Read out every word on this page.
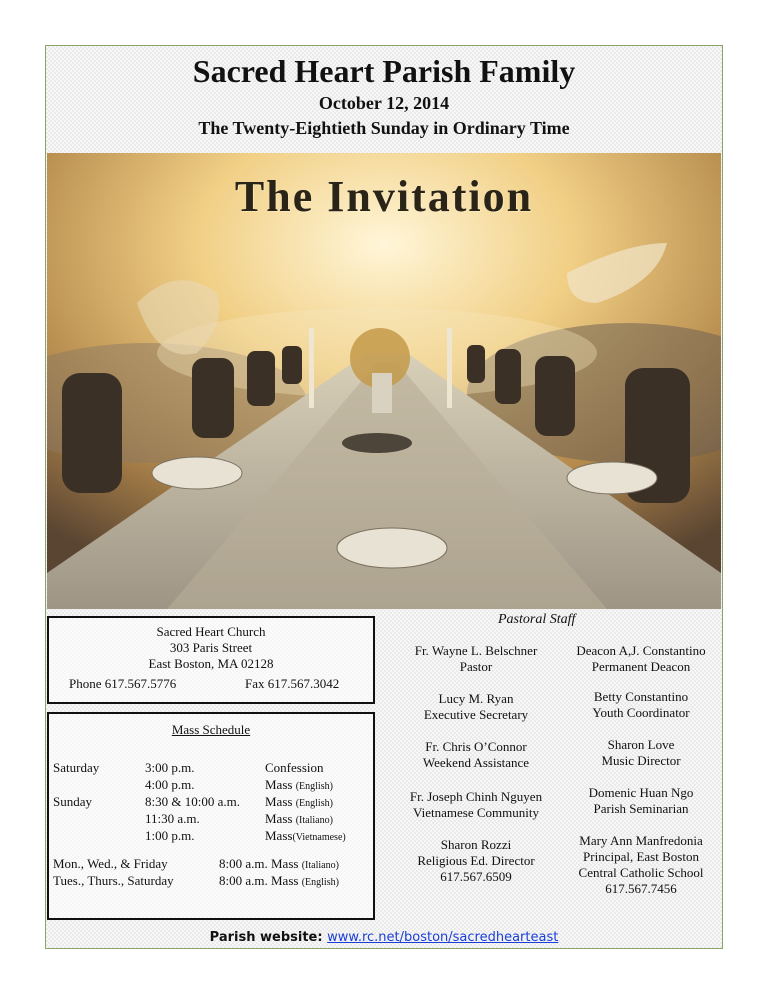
Sacred Heart Parish Family
October 12, 2014
The Twenty-Eightieth Sunday in Ordinary Time
The Invitation
Sacred Heart Church
303 Paris Street
East Boston, MA 02128
Phone 617.567.5776	Fax 617.567.3042
Mass Schedule
Saturday	3:00 p.m.	Confession
4:00 p.m.	Mass (English)
Sunday	8:30 & 10:00 a.m. Mass (English)
11:30 a.m.	Mass (Italiano)
1:00 p.m.	Mass(Vietnamese)
Mon., Wed., & Friday	8:00 a.m. Mass (Italiano)
Tues., Thurs., Saturday	8:00 a.m. Mass (English)
Pastoral Staff
Fr. Wayne L. Belschner
Pastor
Lucy M. Ryan
Executive Secretary
Fr. Chris O’Connor
Weekend Assistance
Fr. Joseph Chinh Nguyen
Vietnamese Community
Sharon Rozzi
Religious Ed. Director
617.567.6509
Deacon A,J. Constantino
Permanent Deacon
Betty Constantino
Youth Coordinator
Sharon Love
Music Director
Domenic Huan Ngo
Parish Seminarian
Mary Ann Manfredonia
Principal, East Boston
Central Catholic School
617.567.7456
Parish website: www.rc.net/boston/sacredhearteast
